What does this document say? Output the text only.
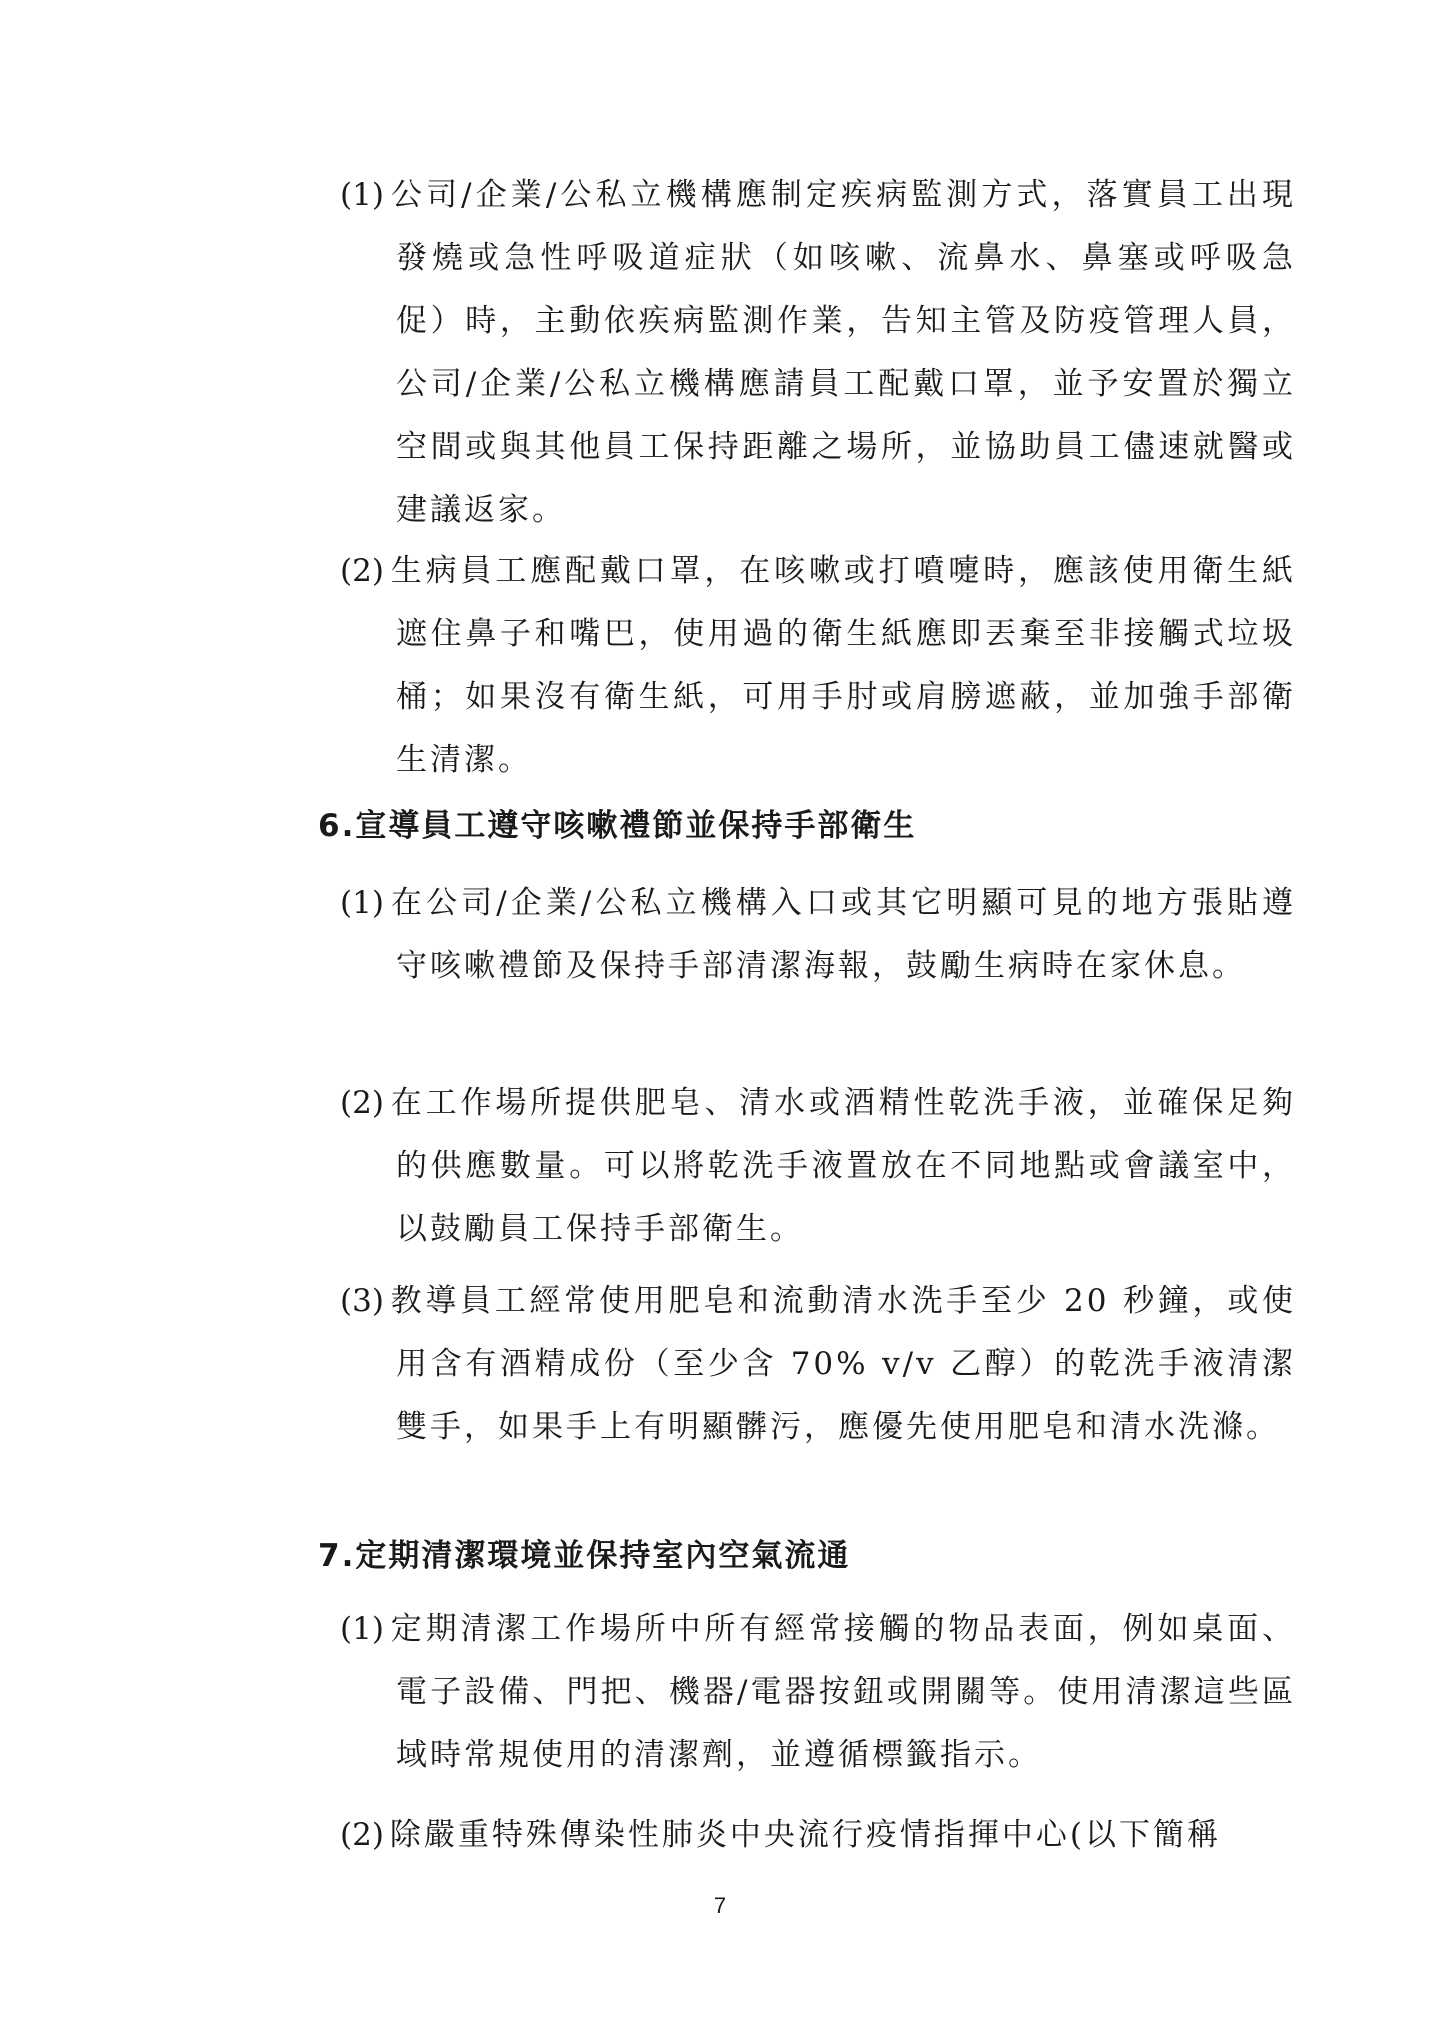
(1) 公司/企業/公私立機構應制定疾病監測方式，落實員工出現發燒或急性呼吸道症狀（如咳嗽、流鼻水、鼻塞或呼吸急促）時，主動依疾病監測作業，告知主管及防疫管理人員，公司/企業/公私立機構應請員工配戴口罩，並予安置於獨立空間或與其他員工保持距離之場所，並協助員工儘速就醫或建議返家。
(2) 生病員工應配戴口罩，在咳嗽或打噴嚏時，應該使用衛生紙遮住鼻子和嘴巴，使用過的衛生紙應即丟棄至非接觸式垃圾桶；如果沒有衛生紙，可用手肘或肩膀遮蔽，並加強手部衛生清潔。
6.宣導員工遵守咳嗽禮節並保持手部衛生
(1) 在公司/企業/公私立機構入口或其它明顯可見的地方張貼遵守咳嗽禮節及保持手部清潔海報，鼓勵生病時在家休息。
(2) 在工作場所提供肥皂、清水或酒精性乾洗手液，並確保足夠的供應數量。可以將乾洗手液置放在不同地點或會議室中，以鼓勵員工保持手部衛生。
(3) 教導員工經常使用肥皂和流動清水洗手至少 20 秒鐘，或使用含有酒精成份（至少含 70% v/v 乙醇）的乾洗手液清潔雙手，如果手上有明顯髒污，應優先使用肥皂和清水洗滌。
7.定期清潔環境並保持室內空氣流通
(1) 定期清潔工作場所中所有經常接觸的物品表面，例如桌面、電子設備、門把、機器/電器按鈕或開關等。使用清潔這些區域時常規使用的清潔劑，並遵循標籤指示。
(2) 除嚴重特殊傳染性肺炎中央流行疫情指揮中心(以下簡稱
7
